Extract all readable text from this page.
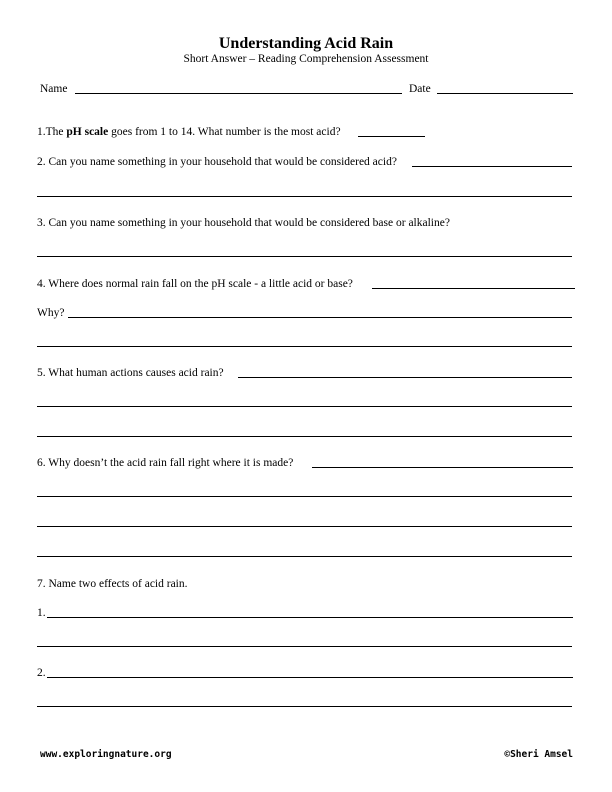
Understanding Acid Rain
Short Answer – Reading Comprehension Assessment
Name	Date
1.The pH scale goes from 1 to 14. What number is the most acid?
2. Can you name something in your household that would be considered acid?
3. Can you name something in your household that would be considered base or alkaline?
4. Where does normal rain fall on the pH scale - a little acid or base?
Why?
5. What human actions causes acid rain?
6. Why doesn’t the acid rain fall right where it is made?
7. Name two effects of acid rain.
1.
2.
www.exploringnature.org	©Sheri Amsel
